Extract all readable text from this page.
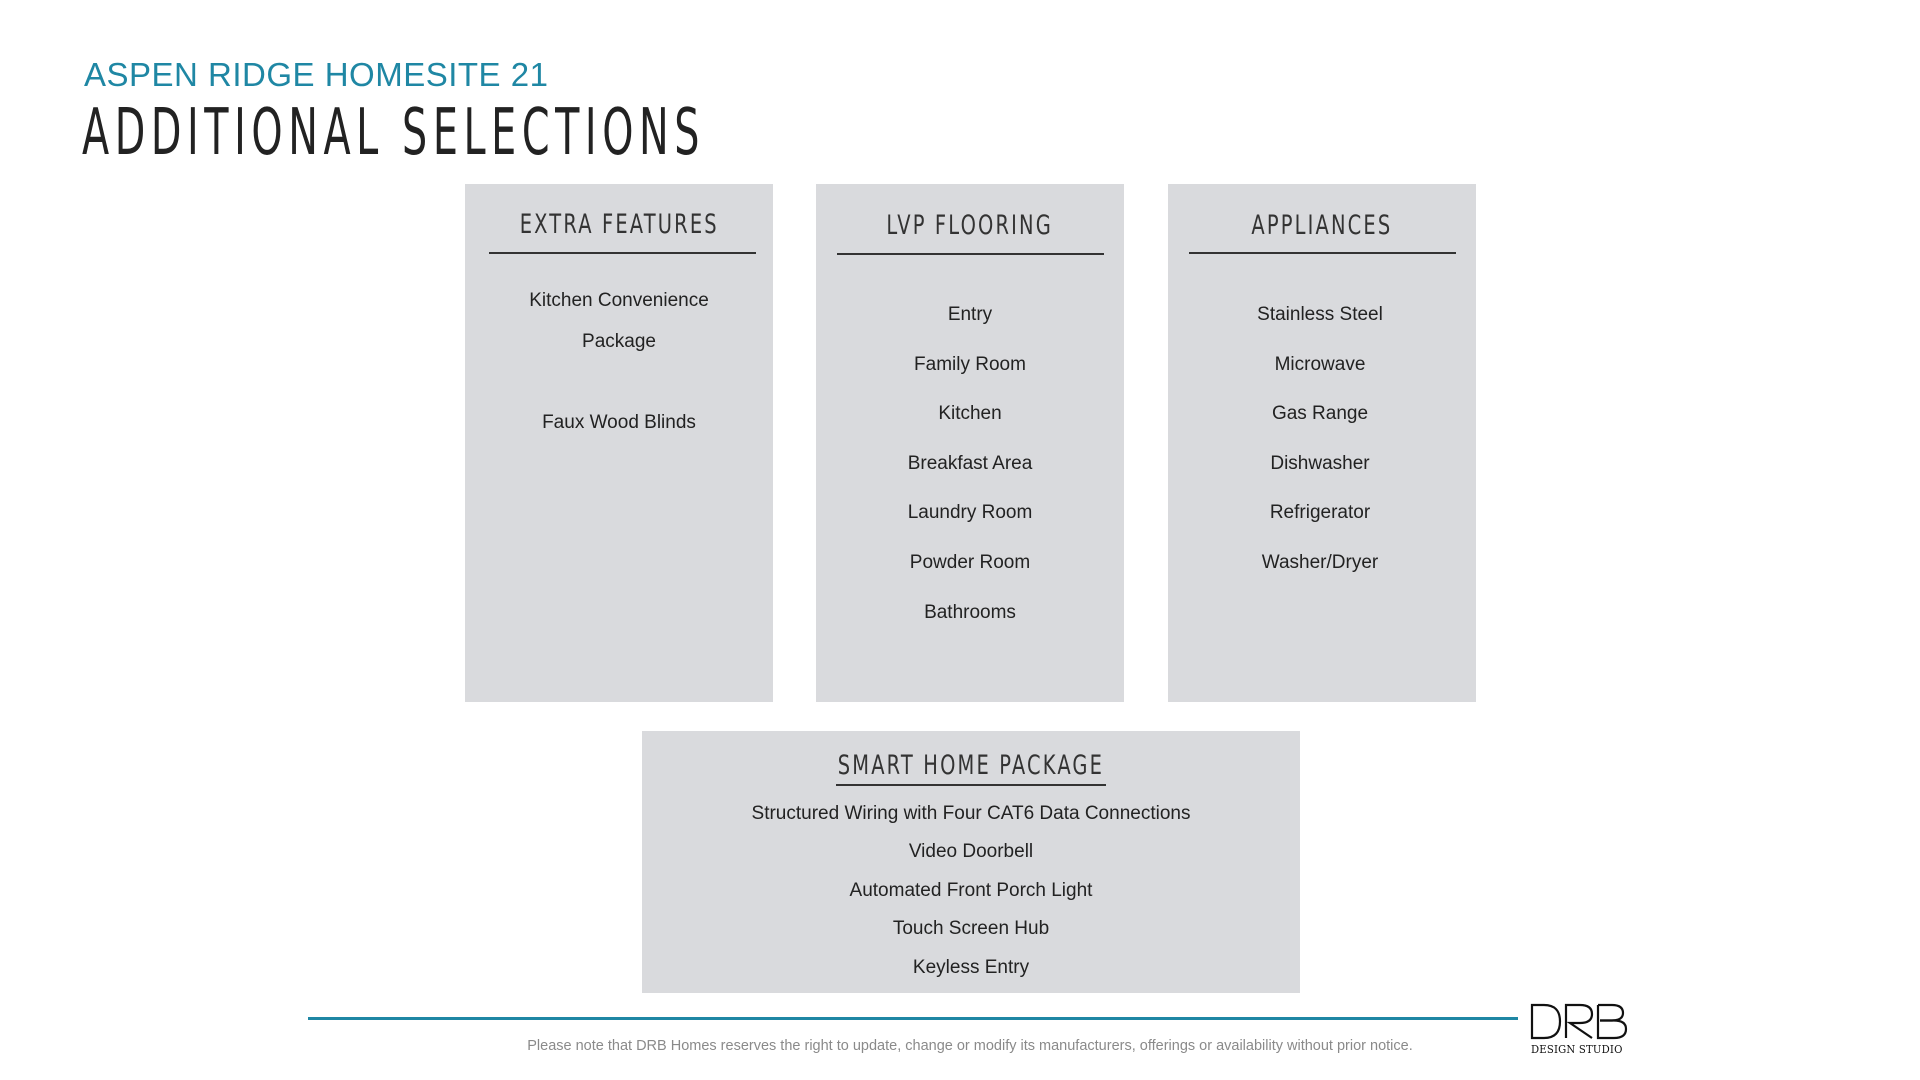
ASPEN RIDGE HOMESITE 21
ADDITIONAL SELECTIONS
EXTRA FEATURES
Kitchen Convenience
Package
Faux Wood Blinds
LVP FLOORING
Entry
Family Room
Kitchen
Breakfast Area
Laundry Room
Powder Room
Bathrooms
APPLIANCES
Stainless Steel
Microwave
Gas Range
Dishwasher
Refrigerator
Washer/Dryer
SMART HOME PACKAGE
Structured Wiring with Four CAT6 Data Connections
Video Doorbell
Automated Front Porch Light
Touch Screen Hub
Keyless Entry
Please note that DRB Homes reserves the right to update, change or modify its manufacturers, offerings or availability without prior notice.	DESIGN STUDIO
